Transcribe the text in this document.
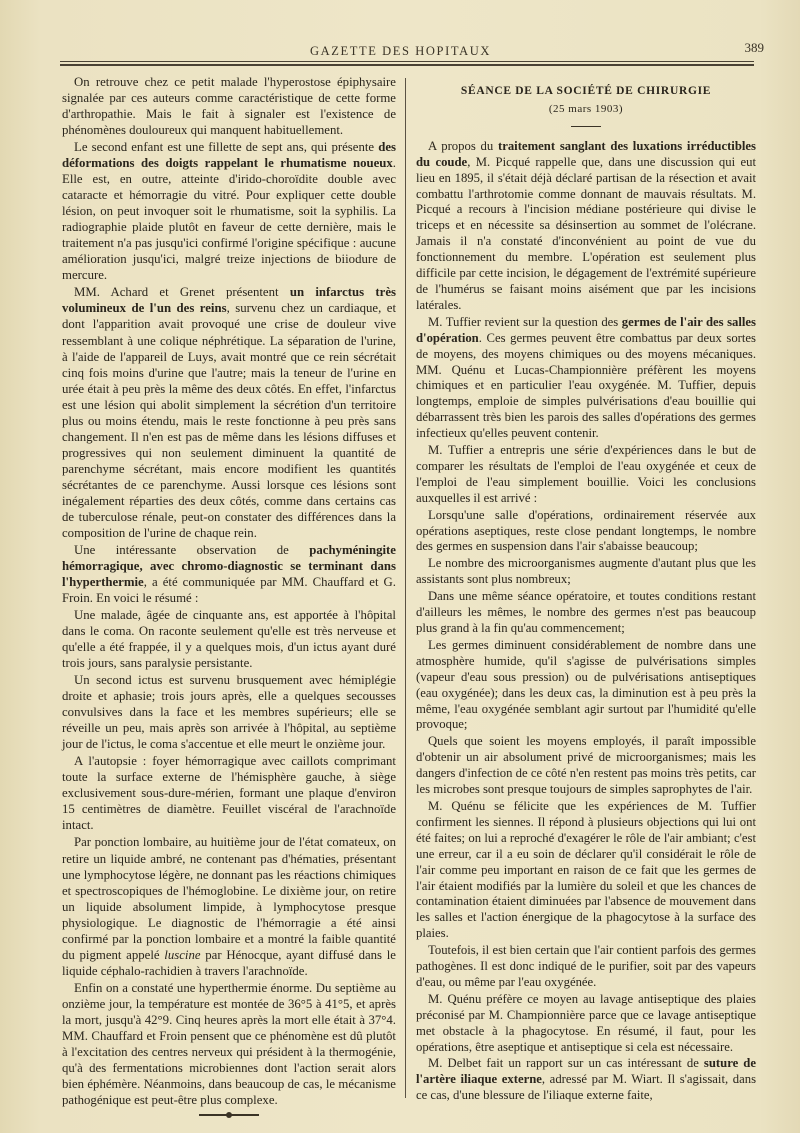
GAZETTE DES HOPITAUX	389

On retrouve chez ce petit malade l'hyperostose épiphysaire signalée par ces auteurs comme caractéristique de cette forme d'arthropathie. Mais le fait à signaler est l'existence de phénomènes douloureux qui manquent habituellement.

Le second enfant est une fillette de sept ans, qui présente des déformations des doigts rappelant le rhumatisme noueux. Elle est, en outre, atteinte d'irido-choroïdite double avec cataracte et hémorragie du vitré. Pour expliquer cette double lésion, on peut invoquer soit le rhumatisme, soit la syphilis. La radiographie plaide plutôt en faveur de cette dernière, mais le traitement n'a pas jusqu'ici confirmé l'origine spécifique : aucune amélioration jusqu'ici, malgré treize injections de biiodure de mercure.

MM. Achard et Grenet présentent un infarctus très volumineux de l'un des reins, survenu chez un cardiaque, et dont l'apparition avait provoqué une crise de douleur vive ressemblant à une colique néphrétique. La séparation de l'urine, à l'aide de l'appareil de Luys, avait montré que ce rein sécrétait cinq fois moins d'urine que l'autre; mais la teneur de l'urine en urée était à peu près la même des deux côtés. En effet, l'infarctus est une lésion qui abolit simplement la sécrétion d'un territoire plus ou moins étendu, mais le reste fonctionne à peu près sans changement. Il n'en est pas de même dans les lésions diffuses et progressives qui non seulement diminuent la quantité de parenchyme sécrétant, mais encore modifient les quantités sécrétantes de ce parenchyme. Aussi lorsque ces lésions sont inégalement réparties des deux côtés, comme dans certains cas de tuberculose rénale, peut-on constater des différences dans la composition de l'urine de chaque rein.

Une intéressante observation de pachyméningite hémorragique, avec chromo-diagnostic se terminant dans l'hyperthermie, a été communiquée par MM. Chauffard et G. Froin. En voici le résumé :

Une malade, âgée de cinquante ans, est apportée à l'hôpital dans le coma. On raconte seulement qu'elle est très nerveuse et qu'elle a été frappée, il y a quelques mois, d'un ictus ayant duré trois jours, sans paralysie persistante.

Un second ictus est survenu brusquement avec hémiplégie droite et aphasie; trois jours après, elle a quelques secousses convulsives dans la face et les membres supérieurs; elle se réveille un peu, mais après son arrivée à l'hôpital, au septième jour de l'ictus, le coma s'accentue et elle meurt le onzième jour.

A l'autopsie : foyer hémorragique avec caillots comprimant toute la surface externe de l'hémisphère gauche, à siège exclusivement sous-dure-mérien, formant une plaque d'environ 15 centimètres de diamètre. Feuillet viscéral de l'arachnoïde intact.

Par ponction lombaire, au huitième jour de l'état comateux, on retire un liquide ambré, ne contenant pas d'hématies, présentant une lymphocytose légère, ne donnant pas les réactions chimiques et spectroscopiques de l'hémoglobine. Le dixième jour, on retire un liquide absolument limpide, à lymphocytose presque physiologique. Le diagnostic de l'hémorragie a été ainsi confirmé par la ponction lombaire et a montré la faible quantité du pigment appelé luscine par Hénocque, ayant diffusé dans le liquide céphalo-rachidien à travers l'arachnoïde.

Enfin on a constaté une hyperthermie énorme. Du septième au onzième jour, la température est montée de 36°5 à 41°5, et après la mort, jusqu'à 42°9. Cinq heures après la mort elle était à 37°4. MM. Chauffard et Froin pensent que ce phénomène est dû plutôt à l'excitation des centres nerveux qui président à la thermogénie, qu'à des fermentations microbiennes dont l'action serait alors bien éphémère. Néanmoins, dans beaucoup de cas, le mécanisme pathogénique est peut-être plus complexe.

SÉANCE DE LA SOCIÉTÉ DE CHIRURGIE
(25 mars 1903)

A propos du traitement sanglant des luxations irréductibles du coude, M. Picqué rappelle que, dans une discussion qui eut lieu en 1895, il s'était déjà déclaré partisan de la résection et avait combattu l'arthrotomie comme donnant de mauvais résultats. M. Picqué a recours à l'incision médiane postérieure qui divise le triceps et en nécessite sa désinsertion au sommet de l'olécrane. Jamais il n'a constaté d'inconvénient au point de vue du fonctionnement du membre. L'opération est seulement plus difficile par cette incision, le dégagement de l'extrémité supérieure de l'humérus se faisant moins aisément que par les incisions latérales.

M. Tuffier revient sur la question des germes de l'air des salles d'opération. Ces germes peuvent être combattus par deux sortes de moyens, des moyens chimiques ou des moyens mécaniques. MM. Quénu et Lucas-Championnière préfèrent les moyens chimiques et en particulier l'eau oxygénée. M. Tuffier, depuis longtemps, emploie de simples pulvérisations d'eau bouillie qui débarrassent très bien les parois des salles d'opérations des germes infectieux qu'elles peuvent contenir.

M. Tuffier a entrepris une série d'expériences dans le but de comparer les résultats de l'emploi de l'eau oxygénée et ceux de l'emploi de l'eau simplement bouillie. Voici les conclusions auxquelles il est arrivé :

Lorsqu'une salle d'opérations, ordinairement réservée aux opérations aseptiques, reste close pendant longtemps, le nombre des germes en suspension dans l'air s'abaisse beaucoup;

Le nombre des microorganismes augmente d'autant plus que les assistants sont plus nombreux;

Dans une même séance opératoire, et toutes conditions restant d'ailleurs les mêmes, le nombre des germes n'est pas beaucoup plus grand à la fin qu'au commencement;

Les germes diminuent considérablement de nombre dans une atmosphère humide, qu'il s'agisse de pulvérisations simples (vapeur d'eau sous pression) ou de pulvérisations antiseptiques (eau oxygénée); dans les deux cas, la diminution est à peu près la même, l'eau oxygénée semblant agir surtout par l'humidité qu'elle provoque;

Quels que soient les moyens employés, il paraît impossible d'obtenir un air absolument privé de microorganismes; mais les dangers d'infection de ce côté n'en restent pas moins très petits, car les microbes sont presque toujours de simples saprophytes de l'air.

M. Quénu se félicite que les expériences de M. Tuffier confirment les siennes. Il répond à plusieurs objections qui lui ont été faites; on lui a reproché d'exagérer le rôle de l'air ambiant; c'est une erreur, car il a eu soin de déclarer qu'il considérait le rôle de l'air comme peu important en raison de ce fait que les germes de l'air étaient modifiés par la lumière du soleil et que les chances de contamination étaient diminuées par l'absence de mouvement dans les salles et l'action énergique de la phagocytose à la surface des plaies.

Toutefois, il est bien certain que l'air contient parfois des germes pathogènes. Il est donc indiqué de le purifier, soit par des vapeurs d'eau, ou même par l'eau oxygénée.

M. Quénu préfère ce moyen au lavage antiseptique des plaies préconisé par M. Championnière parce que ce lavage antiseptique met obstacle à la phagocytose. En résumé, il faut, pour les opérations, être aseptique et antiseptique si cela est nécessaire.

M. Delbet fait un rapport sur un cas intéressant de suture de l'artère iliaque externe, adressé par M. Wiart. Il s'agissait, dans ce cas, d'une blessure de l'iliaque externe faite,
